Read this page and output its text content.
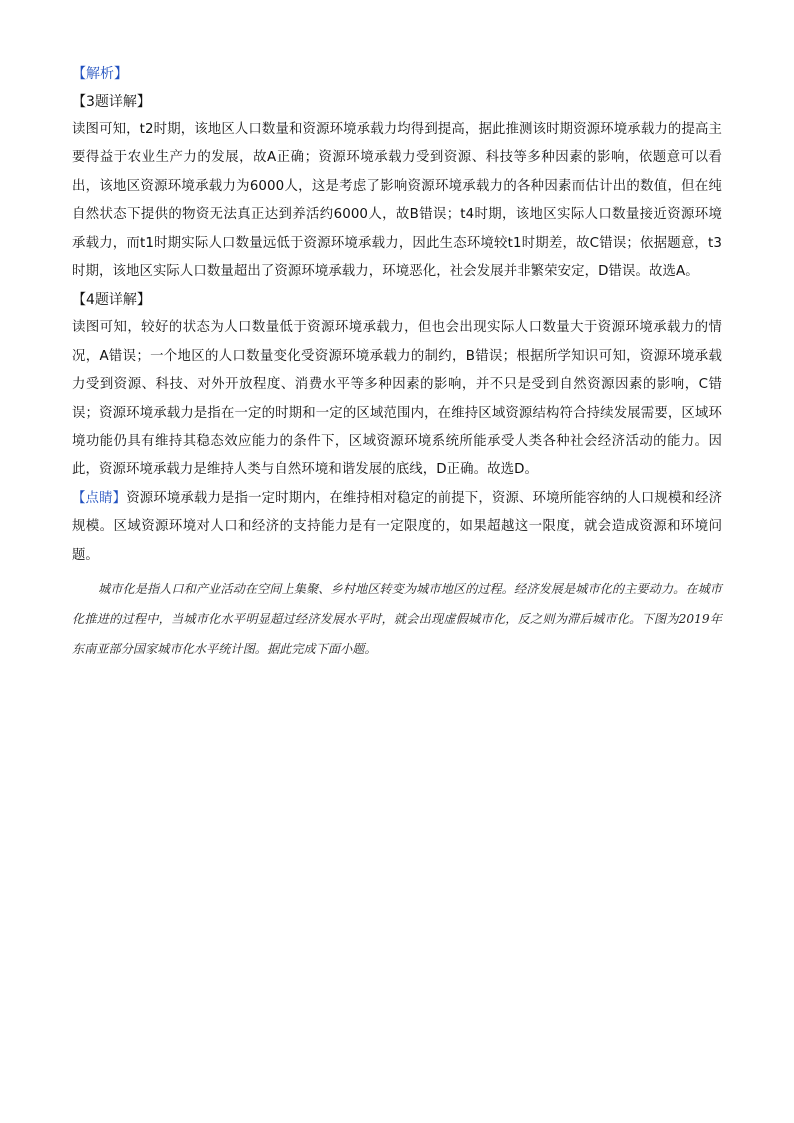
【解析】
【3题详解】

读图可知，t2时期，该地区人口数量和资源环境承载力均得到提高，据此推测该时期资源环境承载力的提高主要得益于农业生产力的发展，故A正确；资源环境承载力受到资源、科技等多种因素的影响，依题意可以看出，该地区资源环境承载力为6000人，这是考虑了影响资源环境承载力的各种因素而估计出的数值，但在纯自然状态下提供的物资无法真正达到养活约6000人，故B错误；t4时期，该地区实际人口数量接近资源环境承载力，而t1时期实际人口数量远低于资源环境承载力，因此生态环境较t1时期差，故C错误；依据题意，t3时期，该地区实际人口数量超出了资源环境承载力，环境恶化，社会发展并非繁荣安定，D错误。故选A。

【4题详解】

读图可知，较好的状态为人口数量低于资源环境承载力，但也会出现实际人口数量大于资源环境承载力的情况，A错误；一个地区的人口数量变化受资源环境承载力的制约，B错误；根据所学知识可知，资源环境承载力受到资源、科技、对外开放程度、消费水平等多种因素的影响，并不只是受到自然资源因素的影响，C错误；资源环境承载力是指在一定的时期和一定的区域范围内，在维持区域资源结构符合持续发展需要，区域环境功能仍具有维持其稳态效应能力的条件下，区域资源环境系统所能承受人类各种社会经济活动的能力。因此，资源环境承载力是维持人类与自然环境和谐发展的底线，D正确。故选D。

【点睛】资源环境承载力是指一定时期内，在维持相对稳定的前提下，资源、环境所能容纳的人口规模和经济规模。区域资源环境对人口和经济的支持能力是有一定限度的，如果超越这一限度，就会造成资源和环境问题。

城市化是指人口和产业活动在空间上集聚、乡村地区转变为城市地区的过程。经济发展是城市化的主要动力。在城市化推进的过程中，当城市化水平明显超过经济发展水平时，就会出现虚假城市化，反之则为滞后城市化。下图为2019年东南亚部分国家城市化水平统计图。据此完成下面小题。
